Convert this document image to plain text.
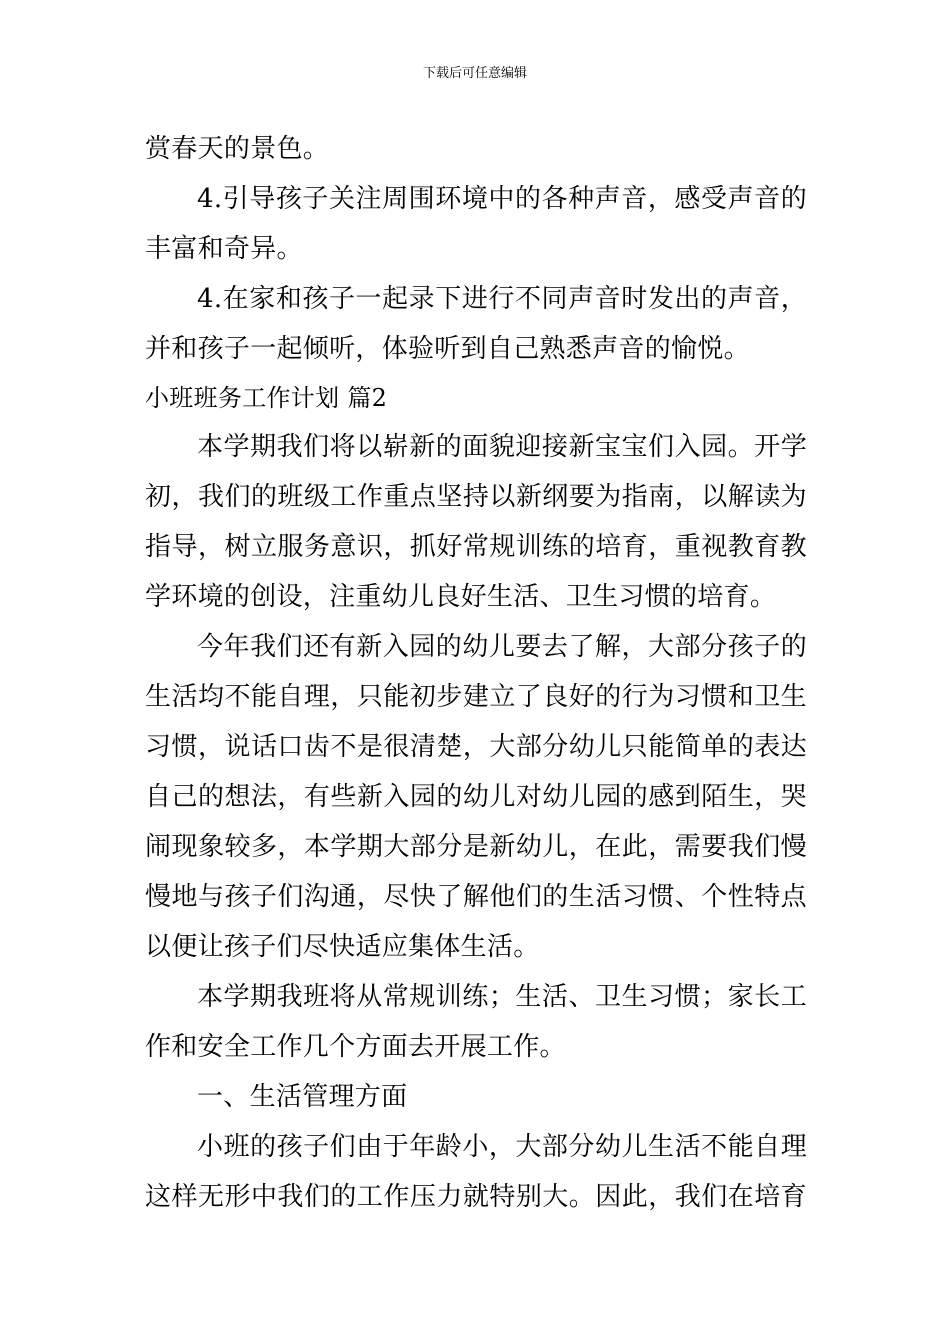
下载后可任意编辑
赏春天的景色。
4.引导孩子关注周围环境中的各种声音，感受声音的
丰富和奇异。
4.在家和孩子一起录下进行不同声音时发出的声音，
并和孩子一起倾听，体验听到自己熟悉声音的愉悦。
小班班务工作计划 篇2
本学期我们将以崭新的面貌迎接新宝宝们入园。开学
初，我们的班级工作重点坚持以新纲要为指南，以解读为
指导，树立服务意识，抓好常规训练的培育，重视教育教
学环境的创设，注重幼儿良好生活、卫生习惯的培育。
今年我们还有新入园的幼儿要去了解，大部分孩子的
生活均不能自理，只能初步建立了良好的行为习惯和卫生
习惯，说话口齿不是很清楚，大部分幼儿只能简单的表达
自己的想法，有些新入园的幼儿对幼儿园的感到陌生，哭
闹现象较多，本学期大部分是新幼儿，在此，需要我们慢
慢地与孩子们沟通，尽快了解他们的生活习惯、个性特点
以便让孩子们尽快适应集体生活。
本学期我班将从常规训练；生活、卫生习惯；家长工
作和安全工作几个方面去开展工作。
一、生活管理方面
小班的孩子们由于年龄小，大部分幼儿生活不能自理
这样无形中我们的工作压力就特别大。因此，我们在培育
